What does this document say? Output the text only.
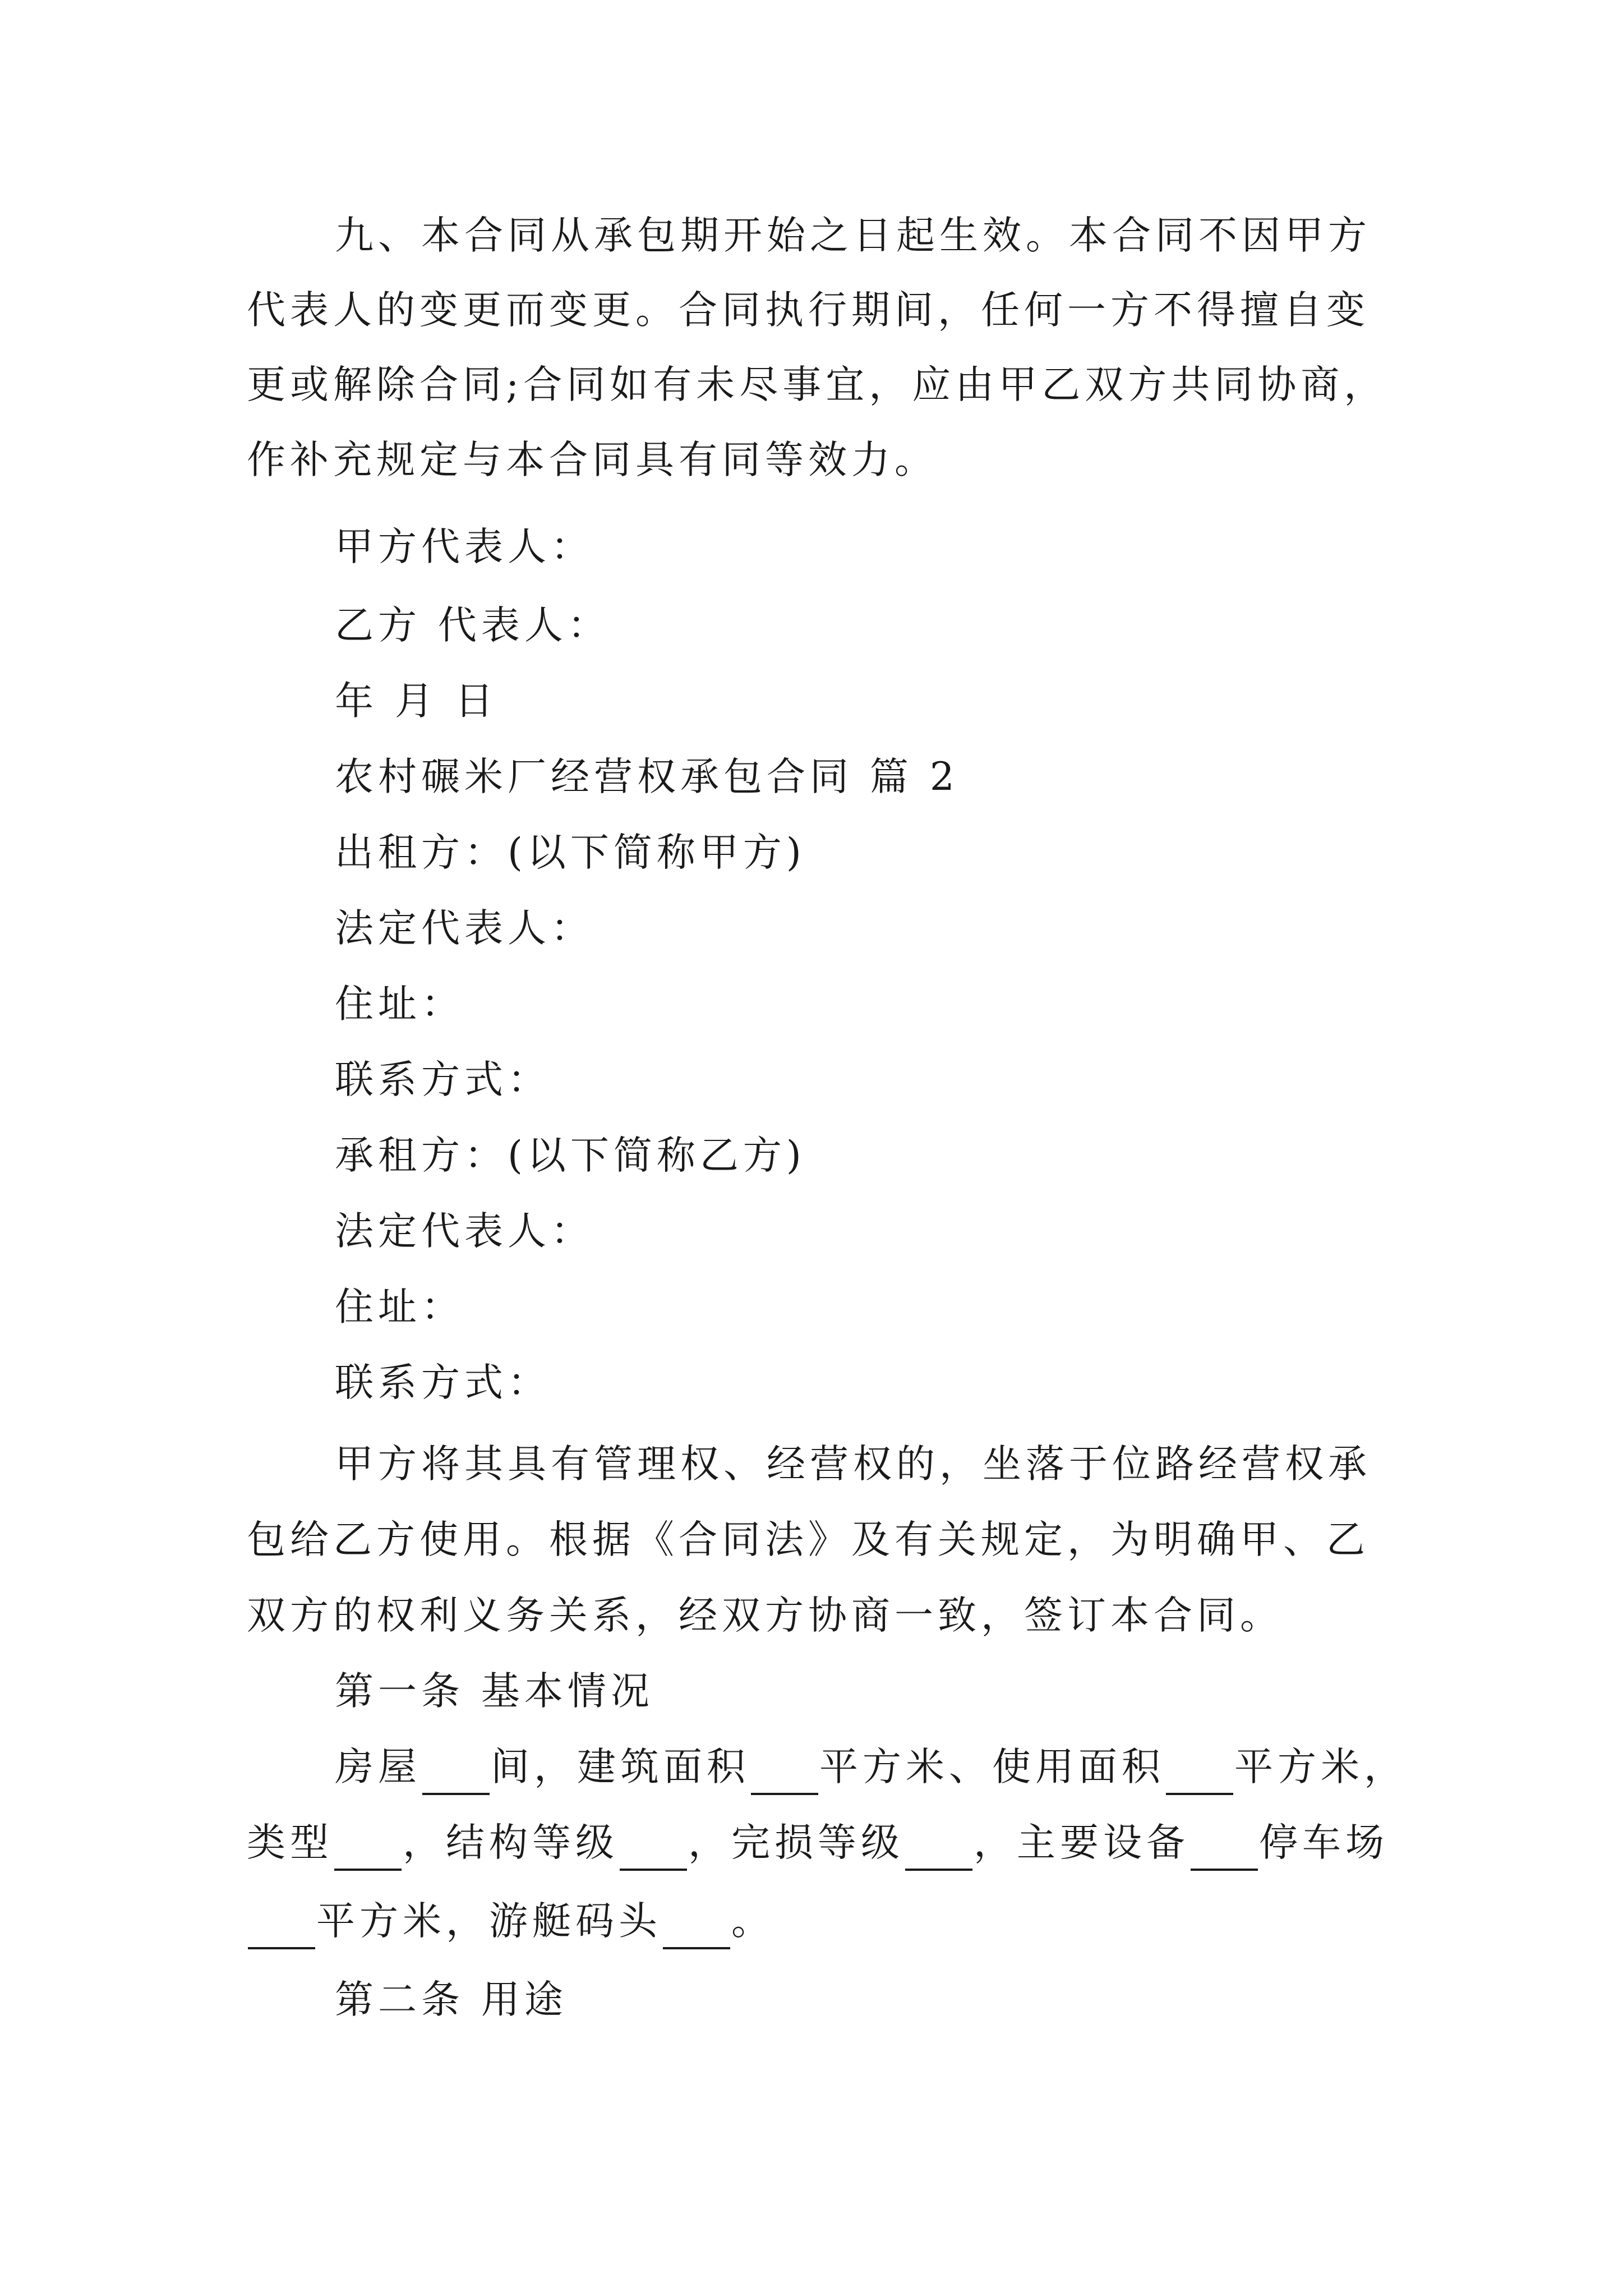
九、本合同从承包期开始之日起生效。本合同不因甲方
代表人的变更而变更。合同执行期间，任何一方不得擅自变
更或解除合同;合同如有未尽事宜，应由甲乙双方共同协商，
作补充规定与本合同具有同等效力。
甲方代表人：
乙方 代表人：
年 月 日
农村碾米厂经营权承包合同 篇 2
出租方：(以下简称甲方)
法定代表人：
住址：
联系方式：
承租方：(以下简称乙方)
法定代表人：
住址：
联系方式：
甲方将其具有管理权、经营权的，坐落于位路经营权承
包给乙方使用。根据《合同法》及有关规定，为明确甲、乙
双方的权利义务关系，经双方协商一致，签订本合同。
第一条 基本情况
房屋 间，建筑面积 平方米、使用面积 平方米，
类型 ，结构等级 ，完损等级 ，主要设备 停车场
平方米，游艇码头 。
第二条 用途
